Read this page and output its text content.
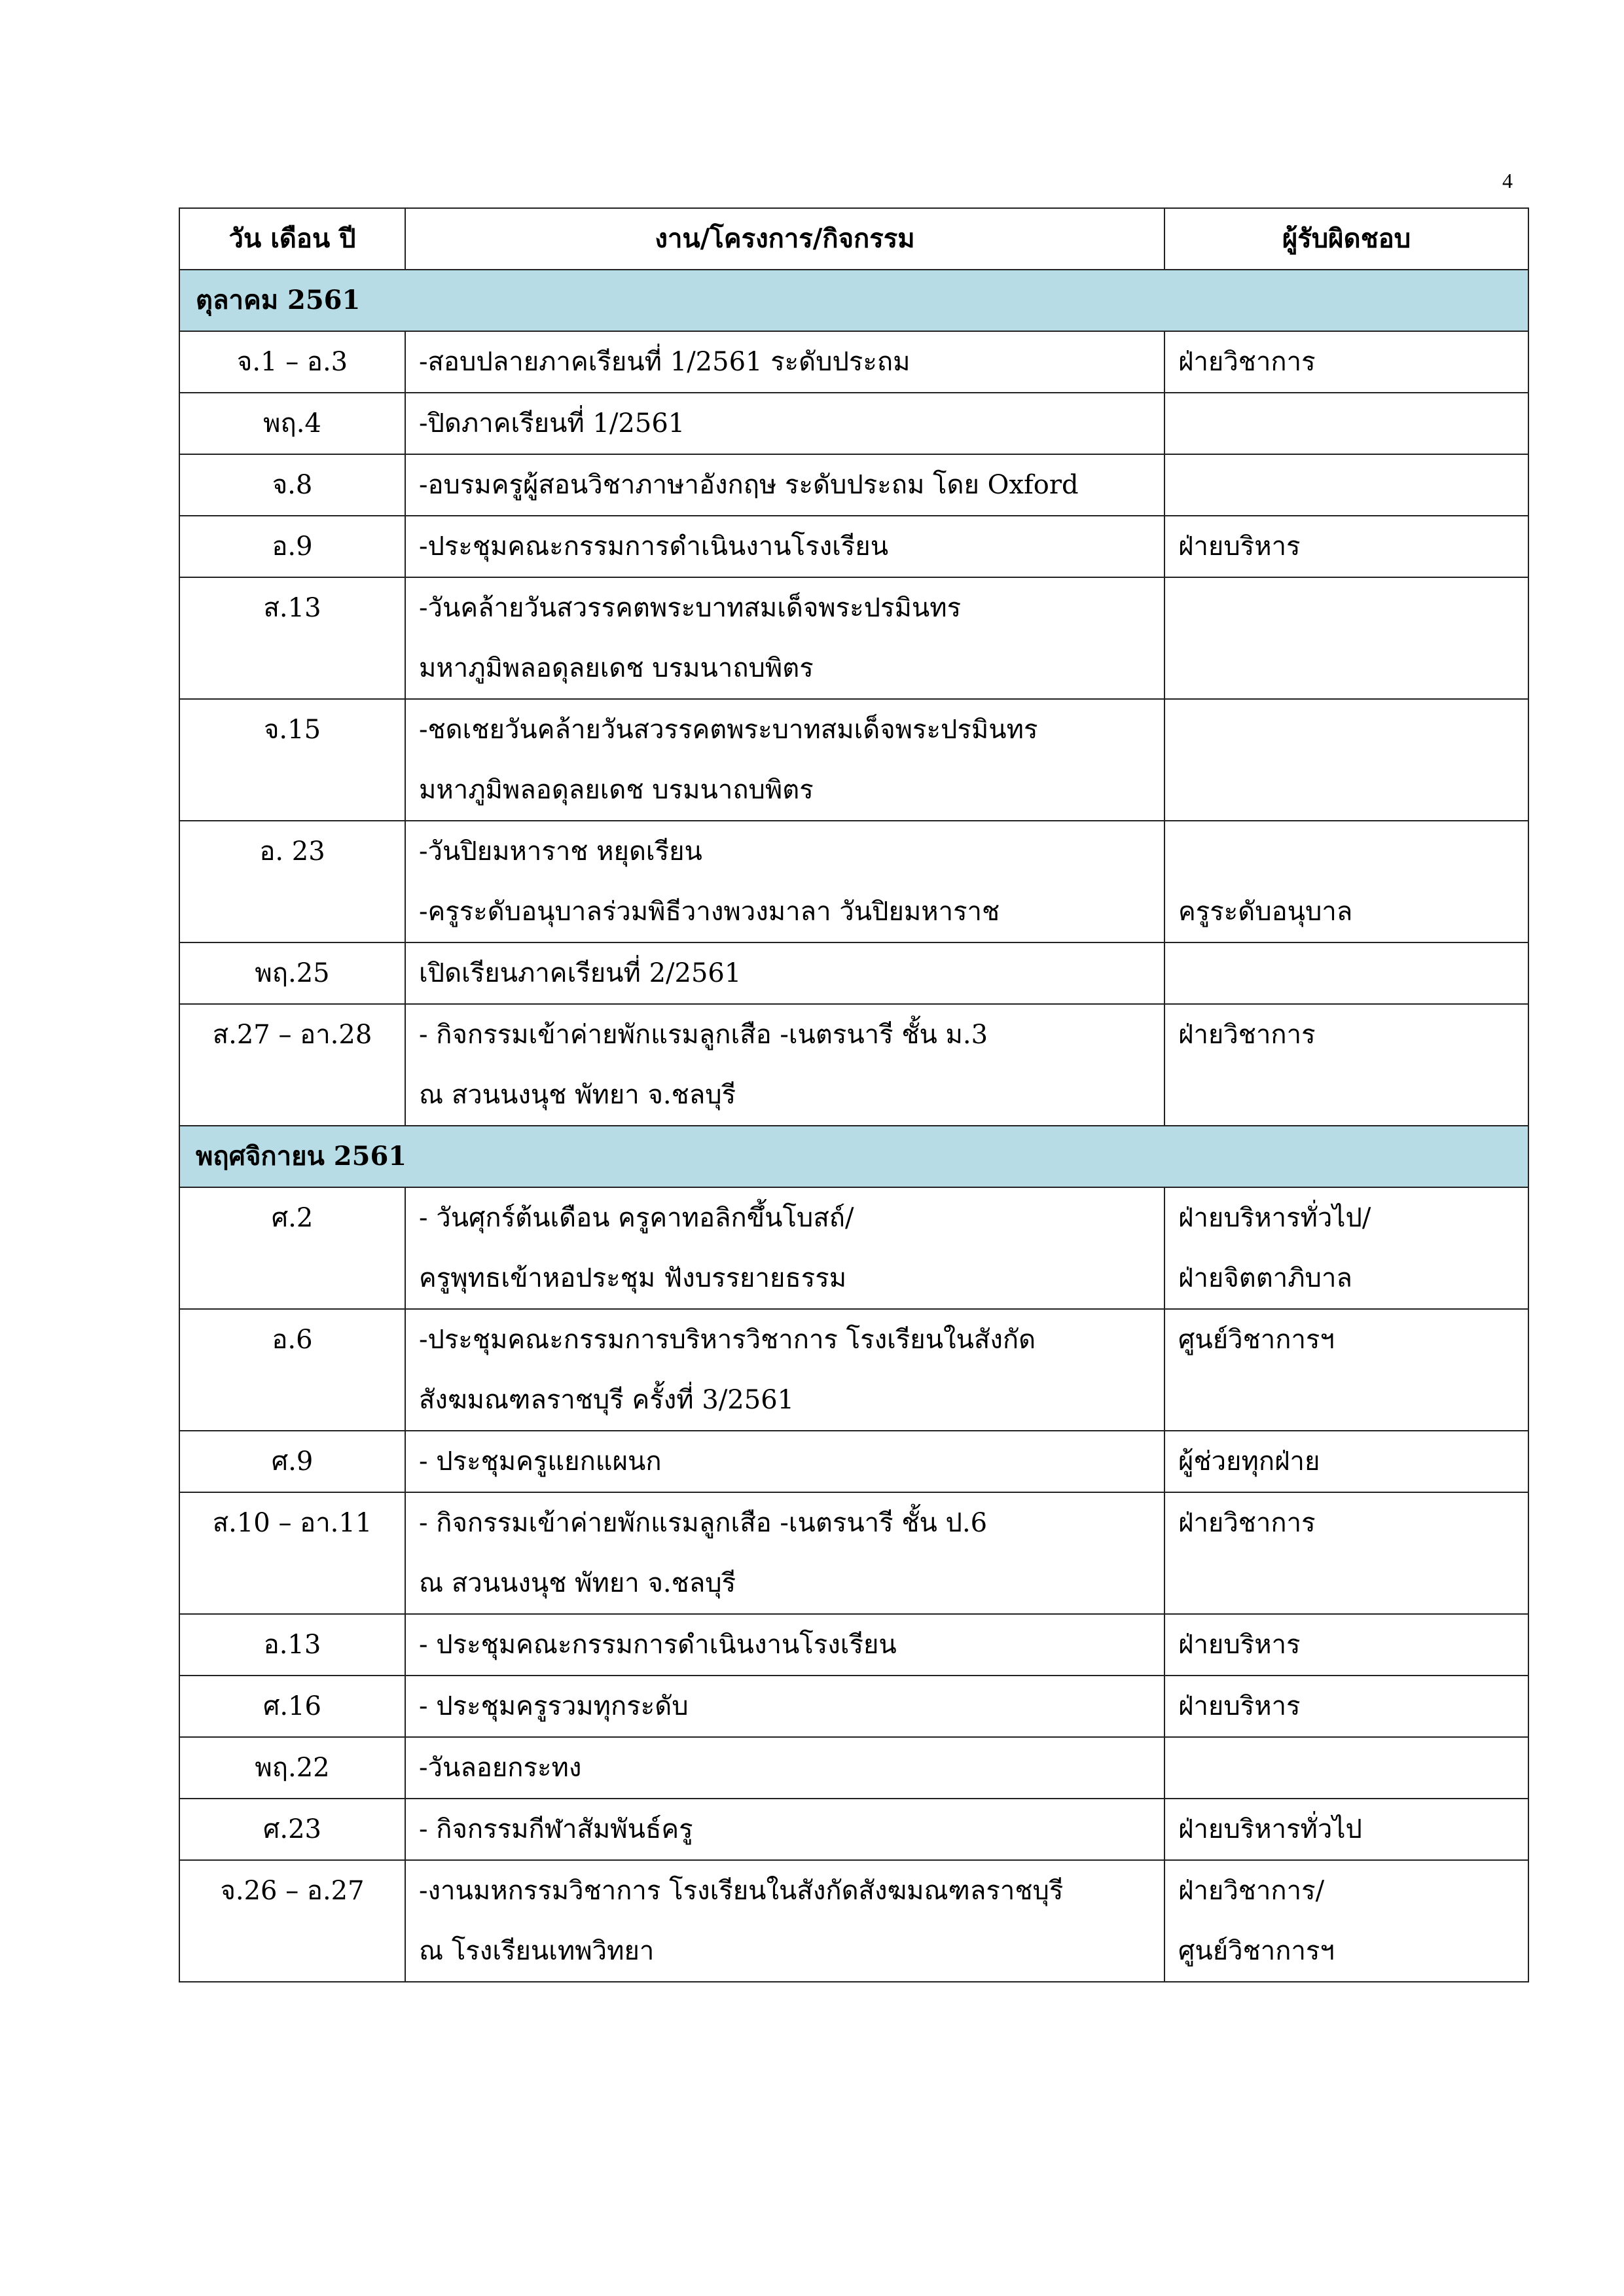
4
วัน เดือน ปี	งาน/โครงการ/กิจกรรม	ผู้รับผิดชอบ
ตุลาคม 2561		
จ.1 – อ.3	-สอบปลายภาคเรียนที่ 1/2561 ระดับประถม	ฝ่ายวิชาการ

พฤ.4	-ปิดภาคเรียนที่ 1/2561	

จ.8	-อบรมครูผู้สอนวิชาภาษาอังกฤษ ระดับประถม โดย Oxford	

อ.9	-ประชุมคณะกรรมการดำเนินงานโรงเรียน	ฝ่ายบริหาร

ส.13	-วันคล้ายวันสวรรคตพระบาทสมเด็จพระปรมินทร
มหาภูมิพลอดุลยเดช บรมนาถบพิตร	

จ.15	-ชดเชยวันคล้ายวันสวรรคตพระบาทสมเด็จพระปรมินทร
มหาภูมิพลอดุลยเดช บรมนาถบพิตร	

อ. 23	-วันปิยมหาราช หยุดเรียน
-ครูระดับอนุบาลร่วมพิธีวางพวงมาลา วันปิยมหาราช	ครูระดับอนุบาล

พฤ.25	เปิดเรียนภาคเรียนที่ 2/2561	

ส.27 – อา.28	- กิจกรรมเข้าค่ายพักแรมลูกเสือ -เนตรนารี ชั้น ม.3
ณ สวนนงนุช พัทยา จ.ชลบุรี	ฝ่ายวิชาการ

พฤศจิกายน 2561		
ศ.2	- วันศุกร์ต้นเดือน ครูคาทอลิกขึ้นโบสถ์/
ครูพุทธเข้าหอประชุม ฟังบรรยายธรรม	ฝ่ายบริหารทั่วไป/
ฝ่ายจิตตาภิบาล

อ.6	-ประชุมคณะกรรมการบริหารวิชาการ โรงเรียนในสังกัด
สังฆมณฑลราชบุรี ครั้งที่ 3/2561	ศูนย์วิชาการฯ

ศ.9	- ประชุมครูแยกแผนก	ผู้ช่วยทุกฝ่าย

ส.10 – อา.11	- กิจกรรมเข้าค่ายพักแรมลูกเสือ -เนตรนารี ชั้น ป.6
ณ สวนนงนุช พัทยา จ.ชลบุรี	ฝ่ายวิชาการ

อ.13	- ประชุมคณะกรรมการดำเนินงานโรงเรียน	ฝ่ายบริหาร

ศ.16	- ประชุมครูรวมทุกระดับ	ฝ่ายบริหาร

พฤ.22	-วันลอยกระทง	

ศ.23	- กิจกรรมกีฬาสัมพันธ์ครู	ฝ่ายบริหารทั่วไป

จ.26 – อ.27	-งานมหกรรมวิชาการ โรงเรียนในสังกัดสังฆมณฑลราชบุรี
ณ โรงเรียนเทพวิทยา	ฝ่ายวิชาการ/
ศูนย์วิชาการฯ
